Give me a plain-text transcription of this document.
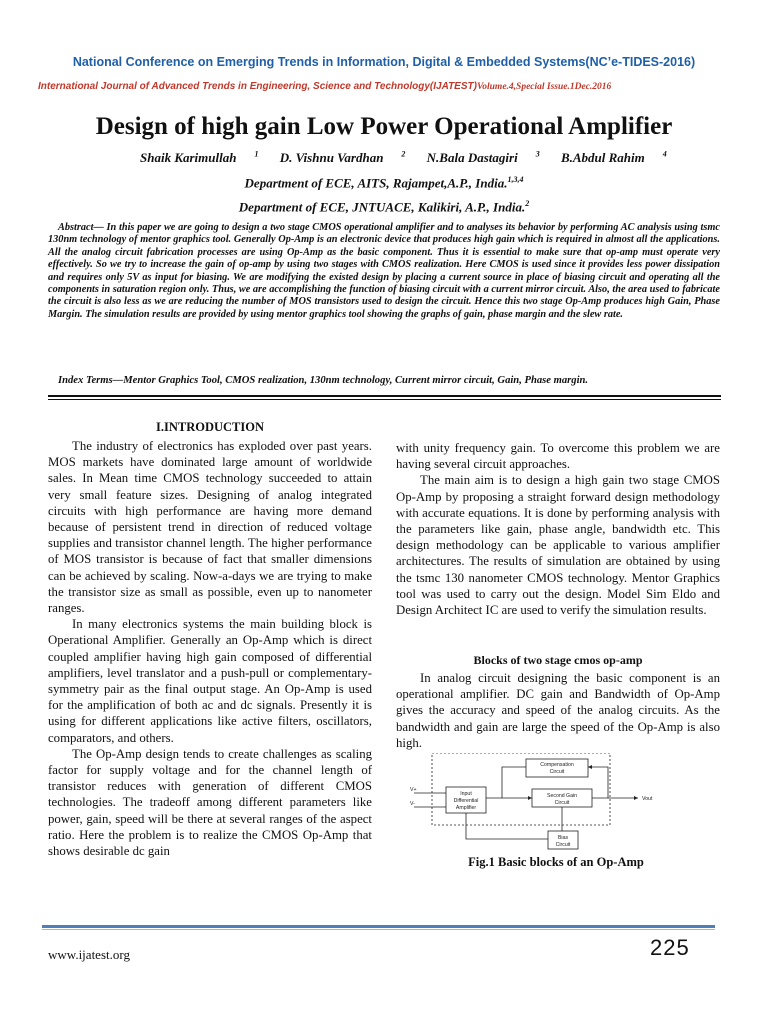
National Conference on Emerging Trends in Information, Digital & Embedded Systems(NC’e-TIDES-2016)
International Journal of Advanced Trends in Engineering, Science and Technology(IJATEST)Volume.4,Special Issue.1Dec.2016
Design of high gain Low Power Operational Amplifier
Shaik Karimullah $^1$ D. Vishnu Vardhan $^2$ N.Bala Dastagiri $^3$ B.Abdul Rahim $^4$
Department of ECE, AITS, Rajampet,A.P., India.$^{1,3,4}$
Department of ECE, JNTUACE, Kalikiri, A.P., India.$^2$
Abstract— In this paper we are going to design a two stage CMOS operational amplifier and to analyses its behavior by performing AC analysis using tsmc 130nm technology of mentor graphics tool. Generally Op-Amp is an electronic device that produces high gain which is required in almost all the applications. All the analog circuit fabrication processes are using Op-Amp as the basic component. Thus it is essential to make sure that op-amp must operate very effectively. So we try to increase the gain of op-amp by using two stages with CMOS realization. Here CMOS is used since it provides less power dissipation and requires only 5V as input for biasing. We are modifying the existed design by placing a current source in place of biasing circuit and operating all the components in saturation region only. Thus, we are accomplishing the function of biasing circuit with a current mirror circuit. Also, the area used to fabricate the circuit is also less as we are reducing the number of MOS transistors used to design the circuit. Hence this two stage Op-Amp produces high Gain, Phase Margin. The simulation results are provided by using mentor graphics tool showing the graphs of gain, phase margin and the slew rate.
Index Terms—Mentor Graphics Tool, CMOS realization, 130nm technology, Current mirror circuit, Gain, Phase margin.
I.INTRODUCTION

The industry of electronics has exploded over past years. MOS markets have dominated large amount of worldwide sales. In Mean time CMOS technology succeeded to attain very small feature sizes. Designing of analog integrated circuits with high performance are having more demand because of persistent trend in direction of reduced voltage supplies and transistor channel length. The higher performance of MOS transistor is because of fact that smaller dimensions can be achieved by scaling. Now-a-days we are trying to make the transistor size as small as possible, even up to nanometer ranges.

In many electronics systems the main building block is Operational Amplifier. Generally an Op-Amp which is direct coupled amplifier having high gain composed of differential amplifiers, level translator and a push-pull or complementary-symmetry pair as the final output stage. An Op-Amp is used for the amplification of both ac and dc signals. Presently it is using for different applications like active filters, oscillators, comparators, and others.

The Op-Amp design tends to create challenges as scaling factor for supply voltage and for the channel length of transistor reduces with generation of different CMOS technologies. The tradeoff among different parameters like power, gain, speed will be there at several ranges of the aspect ratio. Here the problem is to realize the CMOS Op-Amp that shows desirable dc gain

with unity frequency gain. To overcome this problem we are having several circuit approaches.

The main aim is to design a high gain two stage CMOS Op-Amp by proposing a straight forward design methodology with accurate equations. It is done by performing analysis with the parameters like gain, phase angle, bandwidth etc. This design methodology can be applicable to various amplifier architectures. The results of simulation are obtained by using the tsmc 130 nanometer CMOS technology. Mentor Graphics tool was used to carry out the design. Model Sim Eldo and Design Architect IC are used to verify the simulation results.

Blocks of two stage cmos op-amp

In analog circuit designing the basic component is an operational amplifier. DC gain and Bandwidth of Op-Amp gives the accuracy and speed of the analog circuits. As the bandwidth and gain are large the speed of the Op-Amp is also high.

Compensation
Circuit
Input
Differential
Amplifier
Second Gain
Circuit
Bias
Circuit
V+
V-
Vout
Fig.1 Basic blocks of an Op-Amp
www.ijatest.org	225
